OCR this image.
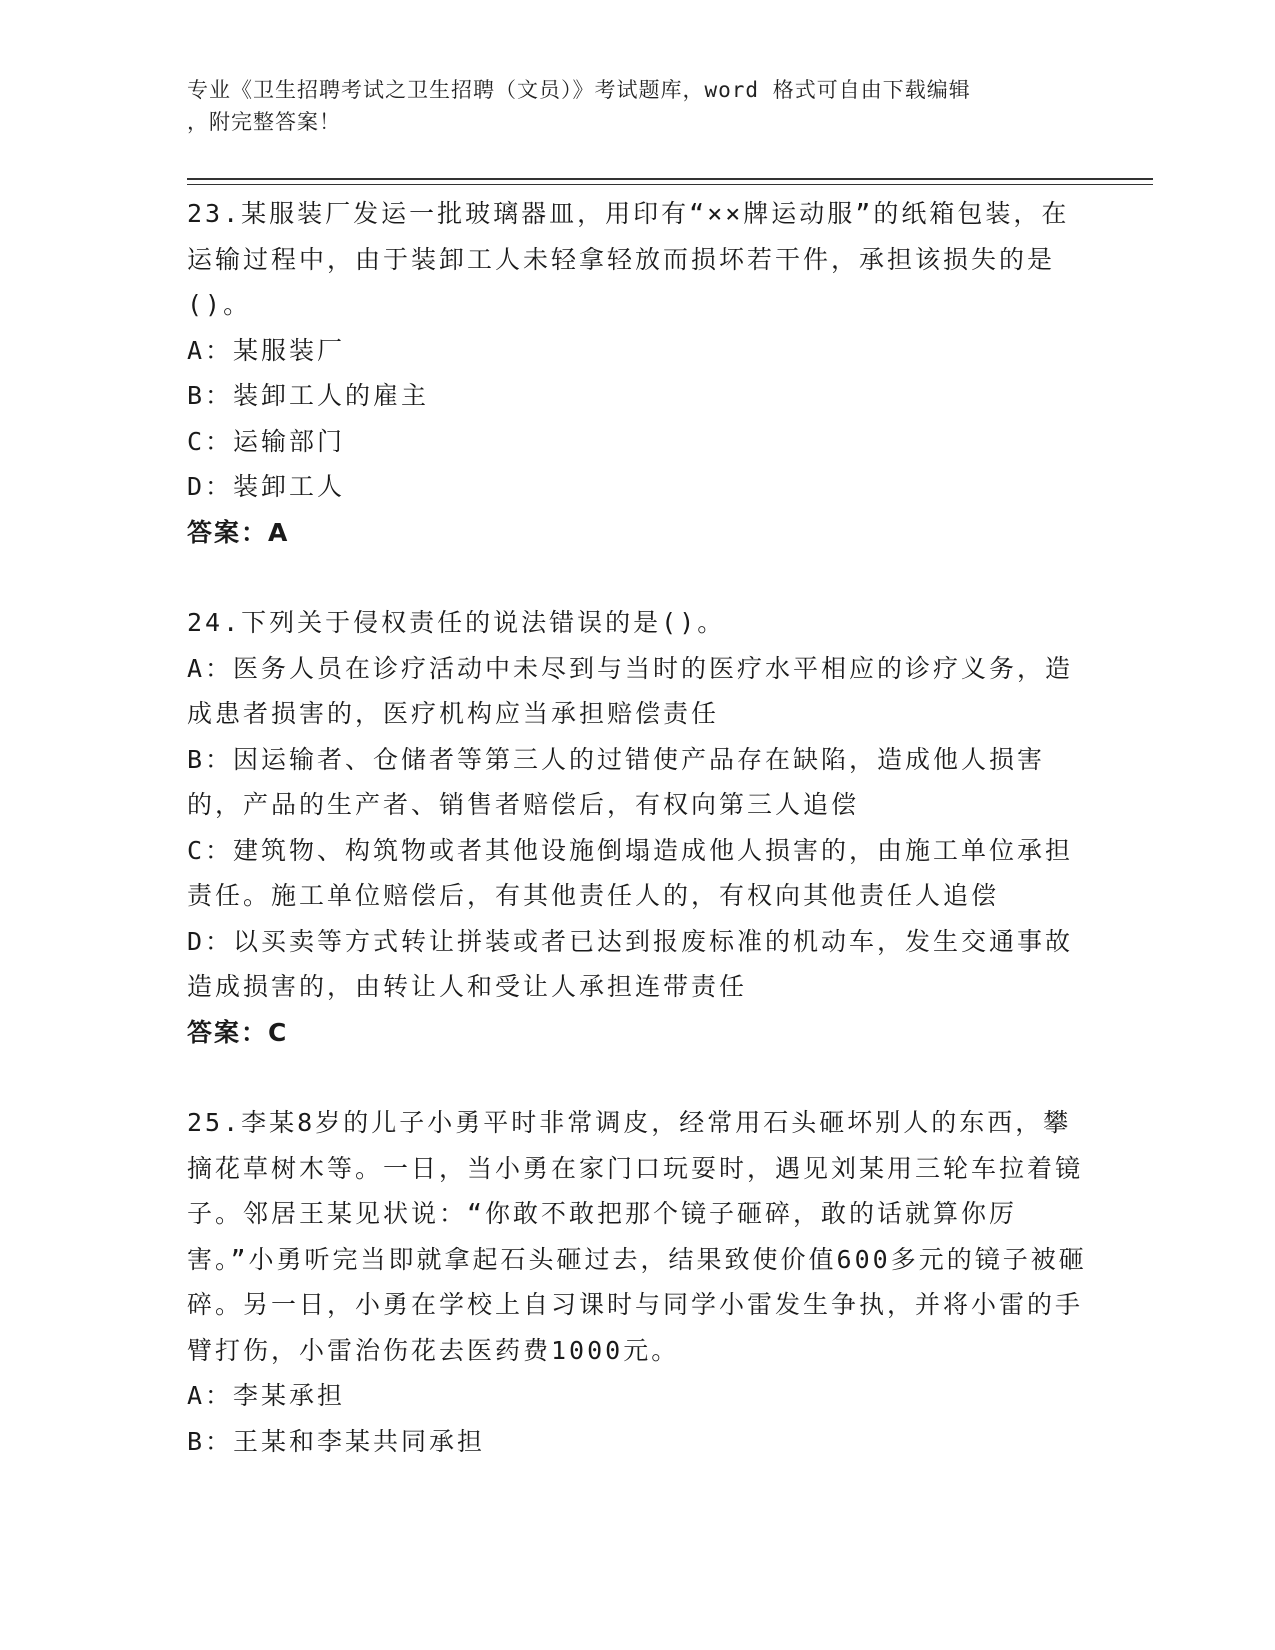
专业《卫生招聘考试之卫生招聘（文员）》考试题库，word 格式可自由下载编辑
，附完整答案！
23.某服装厂发运一批玻璃器皿，用印有“××牌运动服”的纸箱包装，在运输过程中，由于装卸工人未轻拿轻放而损坏若干件，承担该损失的是()。
A：某服装厂
B：装卸工人的雇主
C：运输部门
D：装卸工人
答案：A
24.下列关于侵权责任的说法错误的是()。
A：医务人员在诊疗活动中未尽到与当时的医疗水平相应的诊疗义务，造成患者损害的，医疗机构应当承担赔偿责任
B：因运输者、仓储者等第三人的过错使产品存在缺陷，造成他人损害的，产品的生产者、销售者赔偿后，有权向第三人追偿
C：建筑物、构筑物或者其他设施倒塌造成他人损害的，由施工单位承担责任。施工单位赔偿后，有其他责任人的，有权向其他责任人追偿
D：以买卖等方式转让拼装或者已达到报废标准的机动车，发生交通事故造成损害的，由转让人和受让人承担连带责任
答案：C
25.李某8岁的儿子小勇平时非常调皮，经常用石头砸坏别人的东西，攀摘花草树木等。一日，当小勇在家门口玩耍时，遇见刘某用三轮车拉着镜子。邻居王某见状说：“你敢不敢把那个镜子砸碎，敢的话就算你厉害。”小勇听完当即就拿起石头砸过去，结果致使价值600多元的镜子被砸碎。另一日，小勇在学校上自习课时与同学小雷发生争执，并将小雷的手臂打伤，小雷治伤花去医药费1000元。
A：李某承担
B：王某和李某共同承担
